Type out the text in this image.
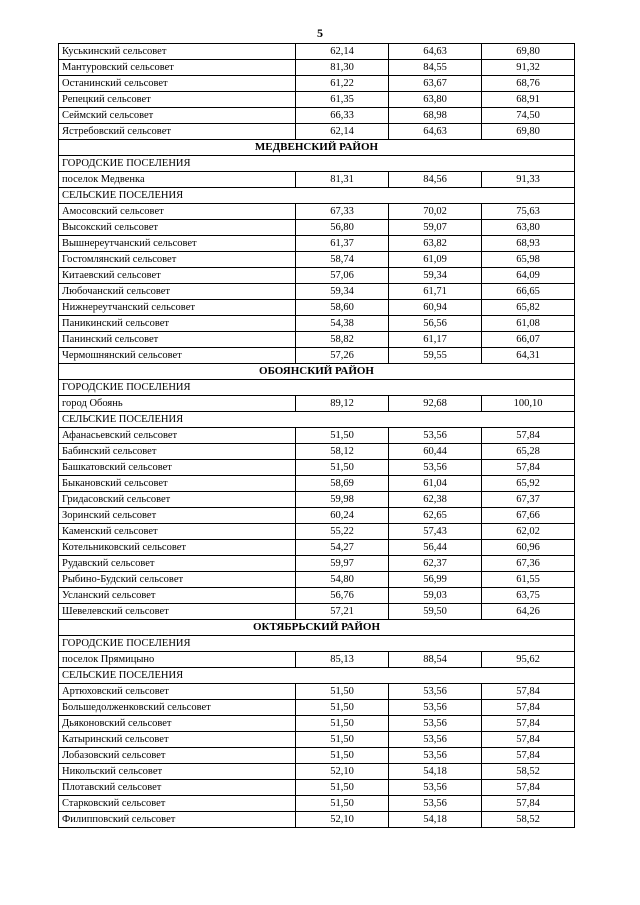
5
Куськинский сельсовет	62,14	64,63	69,80
Мантуровский сельсовет	81,30	84,55	91,32
Останинский сельсовет	61,22	63,67	68,76
Репецкий сельсовет	61,35	63,80	68,91
Сеймский сельсовет	66,33	68,98	74,50
Ястребовский сельсовет	62,14	64,63	69,80
МЕДВЕНСКИЙ РАЙОН			
ГОРОДСКИЕ ПОСЕЛЕНИЯ			
поселок Медвенка	81,31	84,56	91,33
СЕЛЬСКИЕ ПОСЕЛЕНИЯ			
Амосовский сельсовет	67,33	70,02	75,63
Высокский сельсовет	56,80	59,07	63,80
Вышнереутчанский сельсовет	61,37	63,82	68,93
Гостомлянский сельсовет	58,74	61,09	65,98
Китаевский сельсовет	57,06	59,34	64,09
Любочанский сельсовет	59,34	61,71	66,65
Нижнереутчанский сельсовет	58,60	60,94	65,82
Паникинский сельсовет	54,38	56,56	61,08
Панинский сельсовет	58,82	61,17	66,07
Чермошнянский сельсовет	57,26	59,55	64,31
ОБОЯНСКИЙ РАЙОН			
ГОРОДСКИЕ ПОСЕЛЕНИЯ			
город Обоянь	89,12	92,68	100,10
СЕЛЬСКИЕ ПОСЕЛЕНИЯ			
Афанасьевский сельсовет	51,50	53,56	57,84
Бабинский сельсовет	58,12	60,44	65,28
Башкатовский сельсовет	51,50	53,56	57,84
Быкановский сельсовет	58,69	61,04	65,92
Гридасовский сельсовет	59,98	62,38	67,37
Зоринский сельсовет	60,24	62,65	67,66
Каменский сельсовет	55,22	57,43	62,02
Котельниковский сельсовет	54,27	56,44	60,96
Рудавский сельсовет	59,97	62,37	67,36
Рыбино-Будский сельсовет	54,80	56,99	61,55
Усланский сельсовет	56,76	59,03	63,75
Шевелевский сельсовет	57,21	59,50	64,26
ОКТЯБРЬСКИЙ РАЙОН			
ГОРОДСКИЕ ПОСЕЛЕНИЯ			
поселок Прямицыно	85,13	88,54	95,62
СЕЛЬСКИЕ ПОСЕЛЕНИЯ			
Артюховский сельсовет	51,50	53,56	57,84
Большедолженковский сельсовет	51,50	53,56	57,84
Дьяконовский сельсовет	51,50	53,56	57,84
Катыринский сельсовет	51,50	53,56	57,84
Лобазовский сельсовет	51,50	53,56	57,84
Никольский сельсовет	52,10	54,18	58,52
Плотавский сельсовет	51,50	53,56	57,84
Старковский сельсовет	51,50	53,56	57,84
Филипповский сельсовет	52,10	54,18	58,52
